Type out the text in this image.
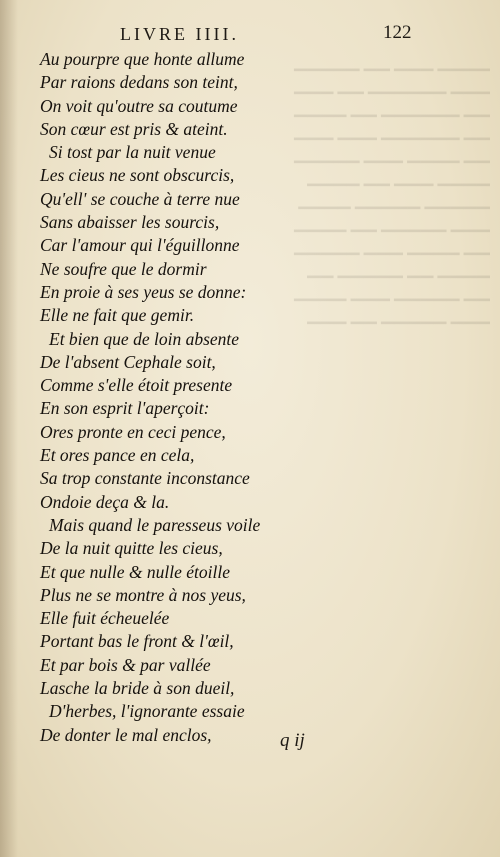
▁▁▁▁ ▁▁▁ ▁▁ ▁▁▁▁▁
▁▁▁ ▁▁▁▁▁▁ ▁▁ ▁▁▁
▁▁ ▁▁▁▁▁▁ ▁▁ ▁▁▁▁
▁▁ ▁▁▁▁▁▁ ▁▁▁ ▁▁▁
▁▁ ▁▁▁▁ ▁▁▁ ▁▁▁▁▁
▁▁▁▁ ▁▁▁ ▁▁ ▁▁▁▁
▁▁▁▁▁ ▁▁▁▁▁ ▁▁▁▁
▁▁▁ ▁▁▁▁▁ ▁▁ ▁▁▁▁
▁▁ ▁▁▁▁ ▁▁▁ ▁▁▁▁▁
▁▁▁▁ ▁▁ ▁▁▁▁▁ ▁▁
▁▁ ▁▁▁▁▁ ▁▁▁ ▁▁▁▁
▁▁▁ ▁▁▁▁▁ ▁▁ ▁▁▁
LIVRE IIII.	122
Au pourpre que honte allume
Par raions dedans son teint,
On voit qu'outre sa coutume
Son cœur est pris & ateint.
Si tost par la nuit venue
Les cieus ne sont obscurcis,
Qu'ell' se couche à terre nue
Sans abaisser les sourcis,
Car l'amour qui l'éguillonne
Ne soufre que le dormir
En proie à ses yeus se donne:
Elle ne fait que gemir.
Et bien que de loin absente
De l'absent Cephale soit,
Comme s'elle étoit presente
En son esprit l'aperçoit:
Ores pronte en ceci pence,
Et ores pance en cela,
Sa trop constante inconstance
Ondoie deça & la.
Mais quand le paresseus voile
De la nuit quitte les cieus,
Et que nulle & nulle étoille
Plus ne se montre à nos yeus,
Elle fuit écheuelée
Portant bas le front & l'œil,
Et par bois & par vallée
Lasche la bride à son dueil,
D'herbes, l'ignorante essaie
De donter le mal enclos,	q ij
